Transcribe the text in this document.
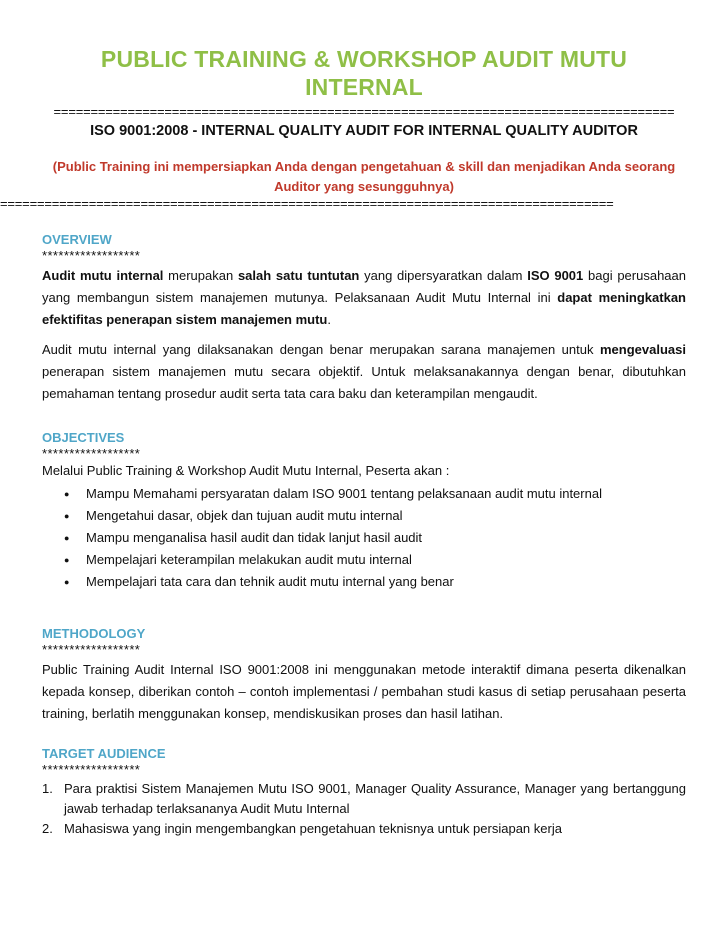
PUBLIC TRAINING & WORKSHOP AUDIT MUTU INTERNAL
====================================================================================
ISO 9001:2008 - INTERNAL QUALITY AUDIT FOR INTERNAL QUALITY AUDITOR
(Public Training ini mempersiapkan Anda dengan pengetahuan & skill dan menjadikan Anda seorang Auditor yang sesungguhnya)
===================================================================================
OVERVIEW
******************

Audit mutu internal merupakan salah satu tuntutan yang dipersyaratkan dalam ISO 9001 bagi perusahaan yang membangun sistem manajemen mutunya. Pelaksanaan Audit Mutu Internal ini dapat meningkatkan efektifitas penerapan sistem manajemen mutu.

Audit mutu internal yang dilaksanakan dengan benar merupakan sarana manajemen untuk mengevaluasi penerapan sistem manajemen mutu secara objektif. Untuk melaksanakannya dengan benar, dibutuhkan pemahaman tentang prosedur audit serta tata cara baku dan keterampilan mengaudit.

OBJECTIVES
******************
Melalui Public Training & Workshop Audit Mutu Internal, Peserta akan :
● Mampu Memahami persyaratan dalam ISO 9001 tentang pelaksanaan audit mutu internal
● Mengetahui dasar, objek dan tujuan audit mutu internal
● Mampu menganalisa hasil audit dan tidak lanjut hasil audit
● Mempelajari keterampilan melakukan audit mutu internal
● Mempelajari tata cara dan tehnik audit mutu internal yang benar
METHODOLOGY
******************

Public Training Audit Internal ISO 9001:2008 ini menggunakan metode interaktif dimana peserta dikenalkan kepada konsep, diberikan contoh – contoh implementasi / pembahan studi kasus di setiap perusahaan peserta training, berlatih menggunakan konsep, mendiskusikan proses dan hasil latihan.

TARGET AUDIENCE
******************
1. Para praktisi Sistem Manajemen Mutu ISO 9001, Manager Quality Assurance, Manager yang bertanggung jawab terhadap terlaksananya Audit Mutu Internal
2. Mahasiswa yang ingin mengembangkan pengetahuan teknisnya untuk persiapan kerja
